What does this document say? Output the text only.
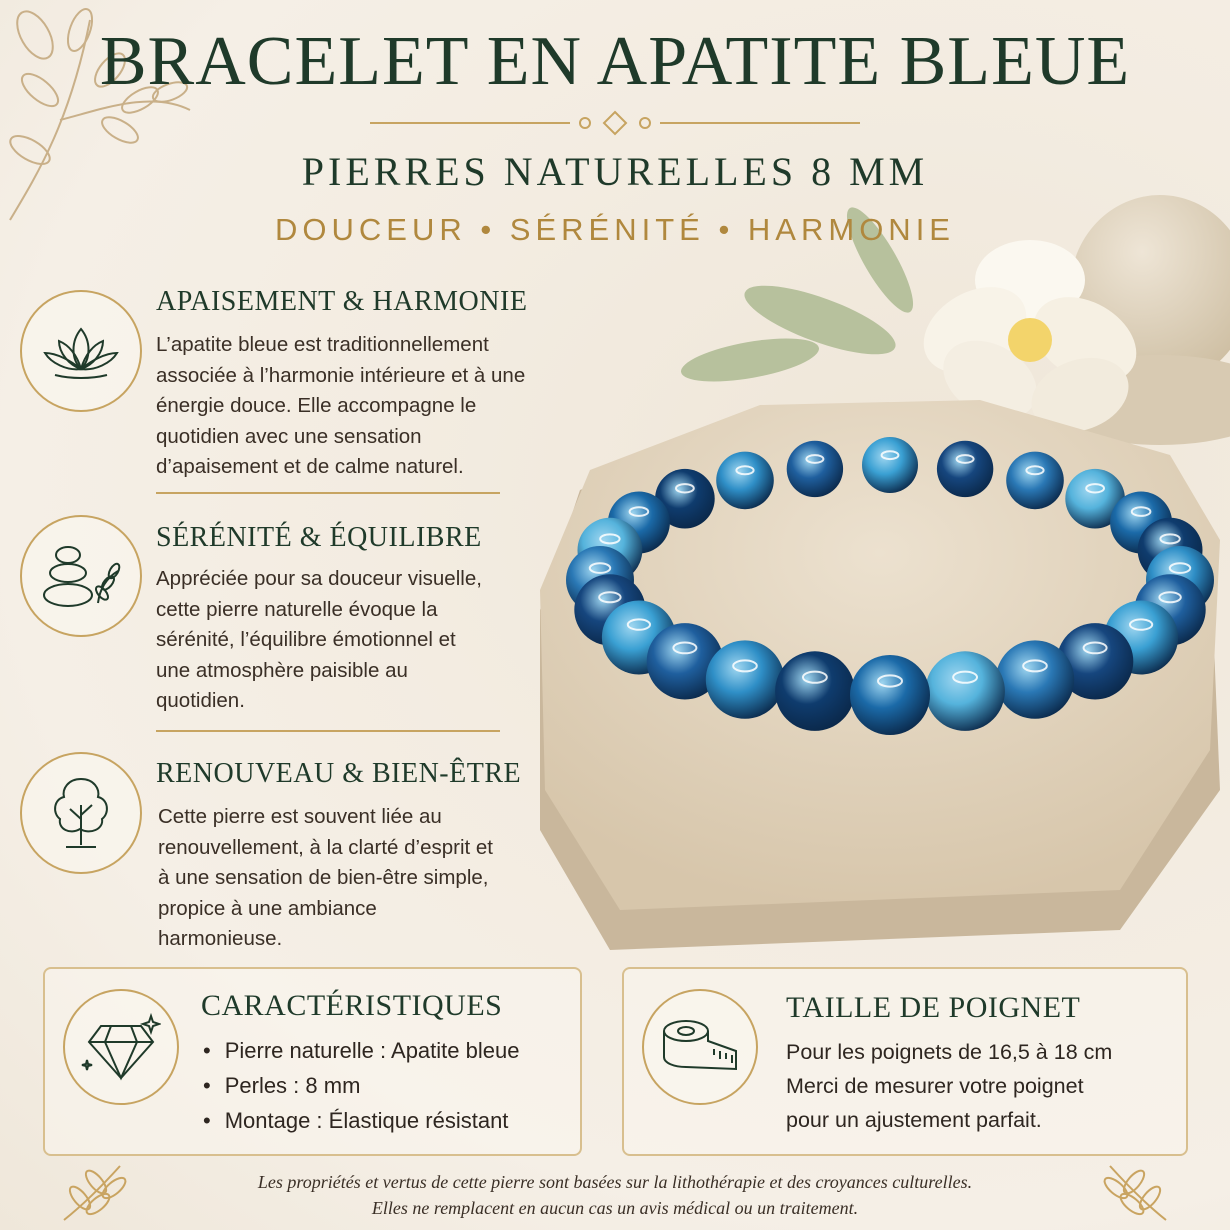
BRACELET EN APATITE BLEUE
PIERRES NATURELLES 8 MM
DOUCEUR • SÉRÉNITÉ • HARMONIE
APAISEMENT & HARMONIE
L’apatite bleue est traditionnellement
associée à l’harmonie intérieure et à une
énergie douce. Elle accompagne le
quotidien avec une sensation
d’apaisement et de calme naturel.
SÉRÉNITÉ & ÉQUILIBRE
Appréciée pour sa douceur visuelle,
cette pierre naturelle évoque la
sérénité, l’équilibre émotionnel et
une atmosphère paisible au
quotidien.
RENOUVEAU & BIEN-ÊTRE
Cette pierre est souvent liée au
renouvellement, à la clarté d’esprit et
à une sensation de bien-être simple,
propice à une ambiance
harmonieuse.
CARACTÉRISTIQUES
• Pierre naturelle : Apatite bleue
• Perles : 8 mm
• Montage : Élastique résistant
TAILLE DE POIGNET
Pour les poignets de 16,5 à 18 cm
Merci de mesurer votre poignet
pour un ajustement parfait.
Les propriétés et vertus de cette pierre sont basées sur la lithothérapie et des croyances culturelles.
Elles ne remplacent en aucun cas un avis médical ou un traitement.
